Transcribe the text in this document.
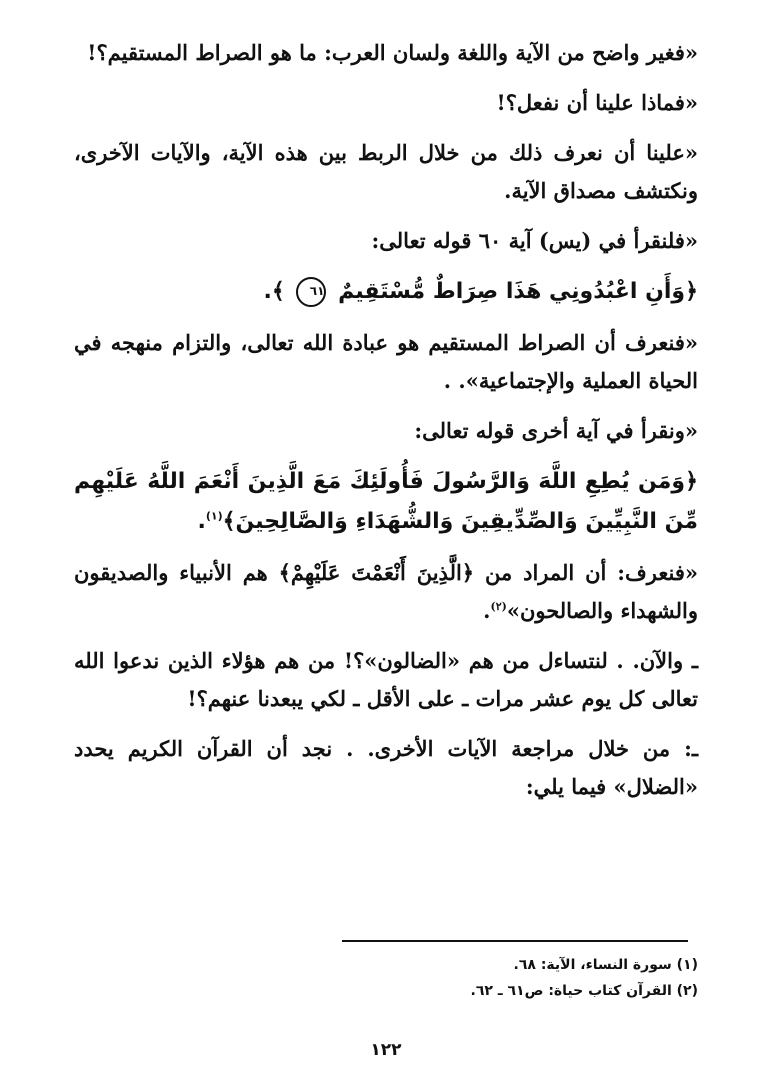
«فغير واضح من الآية واللغة ولسان العرب: ما هو الصراط المستقيم؟!

«فماذا علينا أن نفعل؟!

«علينا أن نعرف ذلك من خلال الربط بين هذه الآية، والآيات الآخرى، ونكتشف مصداق الآية.

«فلنقرأ في (يس) آية ٦٠ قوله تعالى:

﴿وَأَنِ اعْبُدُونِي هَذَا صِرَاطٌ مُّسْتَقِيمٌ ٦١ ﴾.

«فنعرف أن الصراط المستقيم هو عبادة الله تعالى، والتزام منهجه في الحياة العملية والإجتماعية». .

«ونقرأ في آية أخرى قوله تعالى:

﴿وَمَن يُطِعِ اللَّهَ وَالرَّسُولَ فَأُولَئِكَ مَعَ الَّذِينَ أَنْعَمَ اللَّهُ عَلَيْهِم مِّنَ النَّبِيِّينَ وَالصِّدِّيقِينَ وَالشُّهَدَاءِ وَالصَّالِحِينَ﴾$^{(١)}$.

«فنعرف: أن المراد من ﴿الَّذِينَ أَنْعَمْتَ عَلَيْهِمْ﴾ هم الأنبياء والصديقون والشهداء والصالحون»$^{(٢)}$.

ـ والآن. . لنتساءل من هم «الضالون»؟! من هم هؤلاء الذين ندعوا الله تعالى كل يوم عشر مرات ـ على الأقل ـ لكي يبعدنا عنهم؟!

ـ: من خلال مراجعة الآيات الأخرى. . نجد أن القرآن الكريم يحدد «الضلال» فيما يلي:

(١) سورة النساء، الآية: ٦٨.
(٢) القرآن كتاب حياة: ص٦١ ـ ٦٢.
١٢٢
